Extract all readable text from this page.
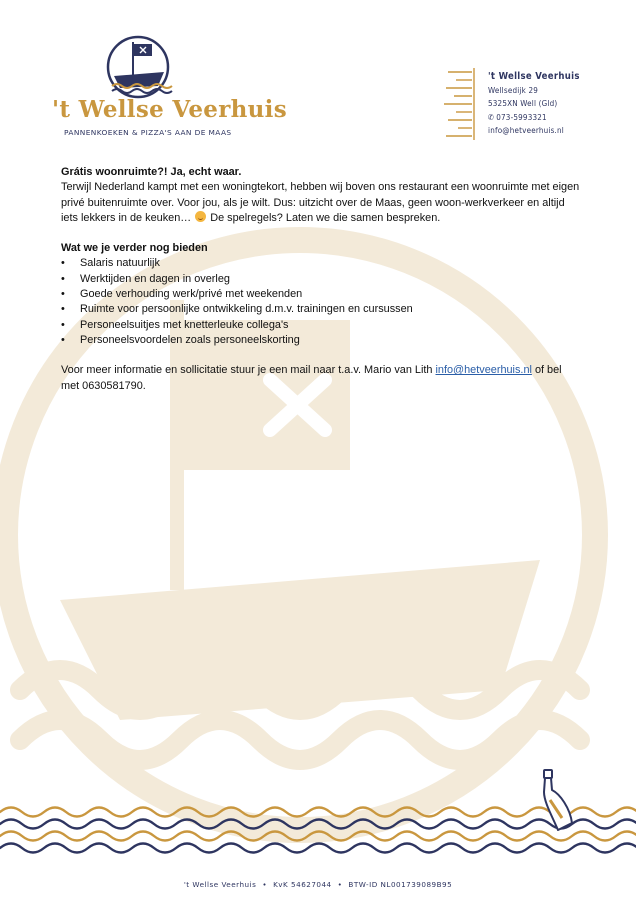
't Wellse Veerhuis
PANNENKOEKEN & PIZZA'S AAN DE MAAS
't Wellse Veerhuis
Wellsedijk 29
5325XN Well (Gld)
✆ 073-5993321
info@hetveerhuis.nl

Grátis woonruimte?! Ja, echt waar.

Terwijl Nederland kampt met een woningtekort, hebben wij boven ons restaurant een woonruimte met eigen privé buitenruimte over. Voor jou, als je wilt. Dus: uitzicht over de Maas, geen woon-werkverkeer en altijd iets lekkers in de keuken… De spelregels? Laten we die samen bespreken.

Wat we je verder nog bieden

• Salaris natuurlijk
• Werktijden en dagen in overleg
• Goede verhouding werk/privé met weekenden
• Ruimte voor persoonlijke ontwikkeling d.m.v. trainingen en cursussen
• Personeelsuitjes met knetterleuke collega's
• Personeelsvoordelen zoals personeelskorting

Voor meer informatie en sollicitatie stuur je een mail naar t.a.v. Mario van Lith info@hetveerhuis.nl of bel met 0630581790.

't Wellse Veerhuis • KvK 54627044 • BTW-ID NL001739089B95
